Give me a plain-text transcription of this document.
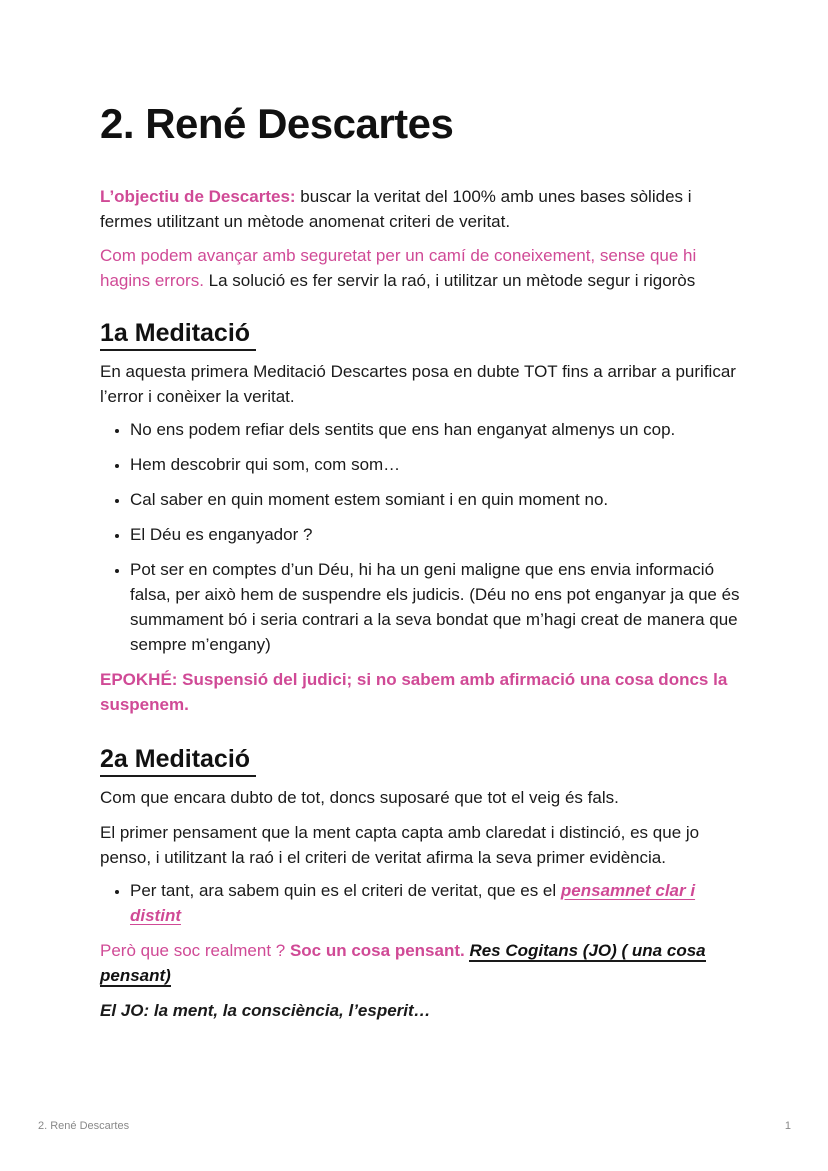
2. René Descartes

L’objectiu de Descartes: buscar la veritat del 100% amb unes bases sòlides i fermes utilitzant un mètode anomenat criteri de veritat.

Com podem avançar amb seguretat per un camí de coneixement, sense que hi hagins errors. La solució es fer servir la raó, i utilitzar un mètode segur i rigoròs

1a Meditació

En aquesta primera Meditació Descartes posa en dubte TOT fins a arribar a purificar l’error i conèixer la veritat.

• No ens podem refiar dels sentits que ens han enganyat almenys un cop.
• Hem descobrir qui som, com som…
• Cal saber en quin moment estem somiant i en quin moment no.
• El Déu es enganyador ?
• Pot ser en comptes d’un Déu, hi ha un geni maligne que ens envia informació falsa, per això hem de suspendre els judicis. (Déu no ens pot enganyar ja que és summament bó i seria contrari a la seva bondat que m’hagi creat de manera que sempre m’engany)

EPOKHÉ: Suspensió del judici; si no sabem amb afirmació una cosa doncs la suspenem.

2a Meditació

Com que encara dubto de tot, doncs suposaré que tot el veig és fals.

El primer pensament que la ment capta capta amb claredat i distinció, es que jo penso, i utilitzant la raó i el criteri de veritat afirma la seva primer evidència.

• Per tant, ara sabem quin es el criteri de veritat, que es el pensamnet clar i distint

Però que soc realment ? Soc un cosa pensant. Res Cogitans (JO) ( una cosa pensant)

El JO: la ment, la consciència, l’esperit…

2. René Descartes	1
